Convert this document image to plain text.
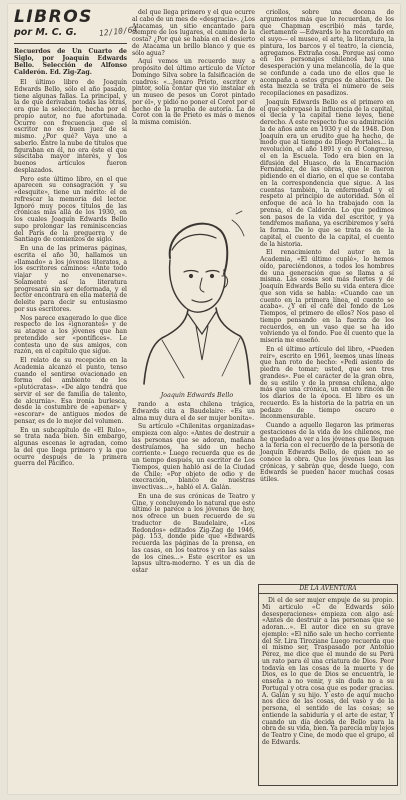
LIBROS
por M. C. G.	12/10/64
Recuerdos de Un Cuarto de Siglo, por Joaquín Edwards Bello. Selección de Alfonso Calderón. Ed. Zig-Zag.

El último libro de Joaquín Edwards Bello, sólo el año pasado, tiene algunas fallas. La principal, y la de que derivaban todas las otras, era que la selección, hecha por el propio autor, no fue afortunada. Ocurre con frecuencia que el escritor no es buen juez de sí mismo. ¿Por qué? Vaya uno a saberlo. Entre la nube de títulos que figuraban en él, no era éste el que suscitaba mayor interés, y los buenos artículos fueron desplazados.

Pero este último libro, en el que aparecen su consagración y su «desquite», tiene un mérito: el de refrescar la memoria del lector. Ignoró muy pocos títulos de las crónicas más allá de los 1930, en los cuales Joaquín Edwards Bello supo prolongar las reminiscencias del París de la preguerra y de Santiago de comienzos de siglo.

En una de las primeras páginas, escrita el año 30, hallamos un «llamado» a los jóvenes literatos, a los escritores caminos: «Ante todo viajar y no envenenarse». Solamente así la literatura progresará sin ser deformada, y el lector encontrará en ella materia de deleite para decir su entusiasmo por sus escritores.

Nos parece exagerado lo que dice respecto de los «ignorantes» y de su ataque a los jóvenes que han pretendido ser «pontífices». Le contesta uno de sus amigos, con razón, en el capítulo que sigue.

El relato de su recepción en la Academia alcanzó el punto, tenso cuando el sentirse ovacionado en forma del ambiente de los «plutócratas». «De algo tendrá que servir el ser de familia de talento, de alcurnia». Esa ironía burlesca, desde la costumbre de «apenar» y «escorar» de antiguos modos de pensar, es de lo mejor del volumen.

En un subcapítulo de «El Rulo», se trata nada bien. Sin embargo, algunas escenas le agradan, como la del que llega primero y la que ocurre después de la primera guerra del Pacífico.

del que llega primero y el que ocurre al cabo de un mes de «desgracia». ¿Los Atacamas, un sitio encantado para siempre de los lugares, el camino de la costa? ¿Por qué se había en el desierto de Atacama un brillo blanco y que es sólo agua?

Aquí vemos un recuerdo muy a propósito del último artículo de Víctor Domingo Silva sobre la falsificación de cuadros: «...Jenaro Prieto, escritor y pintor, solía contar que vio instalar en un museo de pesos un Corot pintado por él», y pidió no poner el Corot por el hecho de la prueba de autoría. La de Corot con la de Prieto es más o menos la misma comisión.

Joaquín Edwards Bello

rando a esta chilena trágica, Edwards cita a Baudelaire: «Es un alma muy dura el de ser mujer bonita».

Su artículo «Chilenitas organizadas» empieza con algo: «Antes de destruir a las personas que se adoran, mañana destruíamos, ha sido un hecho corriente.» Luego recuerda que es de un tiempo después, un escritor de Los Tiempos, quien habló así de la Ciudad de Chile: «Por objeto de odio y de execración, blanco de nuestras invectivas...», habló el A. Galán.

En una de sus crónicas de Teatro y Cine, y concluyendo lo natural que esto último le parece a los jóvenes de hoy, nos ofrece un buen recuerdo de su traductor de Baudelaire, «Los Redondos» editados Zig-Zag de 1946, pág. 153, donde pide que «Edwards recuerda las páginas de la prensa, en las casas, en los teatros y en las salas de los cines...» Este escritor es un lapsus ultra-moderno. Y es un día de estar

criollos, sobre una docena de argumentos más que lo recuerdan, de los que Chapman escribió más tarde, ciertamente —Edwards lo ha recordado en el suyo— el museo, el arte, la literatura, la pintura, los barcos y el teatro, la ciencia, agregamos. Extraña cosa. Porque así como en los personajes chilenos hay una desesperación y una melancolía, de la que se confunde a cada uno de ellos que le acompaña a estos grupos de abiertos. De esta mezcla se trata el número de seis recopilaciones en pasadizos.

Joaquín Edwards Bello es el primero en el que sobrepasó la influencia de la capital, el decía y la capital tiene leyes, tiene derecho. A este respecto fue su admiración la de años ante en 1930 y el de 1948. Don Joaquín era un erudito que ha hecho, de modo que al tiempo de Diego Portales... la revolución, el año 1891 y en el Congreso, el en la Escuela. Todo era bien en la difusión del Huasco, de la Encarnación Fernández, de las obras, que le fueron pidiendo en el diario, en el que se contaba en la correspondencia que sigue. A las cuentas también, la enfermedad y el respeto al principio de autoridad. Son el enfoque de acá lo ha trabajado con la prensa, el de Calderón. Lo que pedimos son pasos de la vida del escritor, y ya tendremos mañana, ya escribiremos y será la forma. De lo que se trata es de la capital, el cuento de la capital, el cuento de la historia.

El renacimiento del autor en la Academia, «El último cuplé», lo hemos oído, pareciéndonos, a todos los hombres de una generación que se llama a sí misma. Las cosas son más fuertes y de Joaquín Edwards Bello su vida entera dice que son vida se habla: «Cuando cae un cuento en la primera línea, el cuento se acaba». ¿Y en el café del fondo de Los Tiempos, el primero de ellos? Nos paso el tiempo pensando en la fuerza de los recuerdos, en un vaso que se ha ido volviendo ya el fondo. Fue el cuento que la miseria me enseñó.

En el último artículo del libro, «Pueden reír», escrito en 1961, leemos unas líneas que han roto de hecho: «Pedí asiento de piedra de tomar; usted, que son tres grandes». Fue el carácter de la gran obra, de su estilo y de la prensa chilena, algo más que una crónica, un entero rincón de los diarios de la época. El libro es un recuerdo. Es la historia de la patria en un pedazo de tiempo oscuro e inconmensurable.

Cuando a aquello llegaron las primeras gestaciones de la vida de los chilenos, me he quedado a ver a los jóvenes que lleguen a la feria con el recuerdo de la persona de Joaquín Edwards Bello, de quien no se conoce la obra. Que los jóvenes lean las crónicas, y sabrán que, desde luego, con Edwards se pueden hacer muchas cosas útiles.

DE LA AVENTURA

Di el de ser mujer empuje de su propio. Mi artículo «C de Edwards sólo desesperaciones» empieza con algo así: «Antes de destruir a las personas que se adoran...». El autor dice en su grave ejemplo: «El niño sale un hecho corriente del Sr. Lira Tiroziane Luego recuerda que el mismo ser, Traspasado por Antonio Pérez, me dice que el mundo de su Perú un rato para él una criatura de Dios. Peor todavía en las cosas de la muerte y de Dios, es lo que de Dios se encuentra, le enseña a no venir, y sin duda no a su Portugal y otra cosa que es poder gracias. A. Galán y su hijo. Y esto de aquí mucho nos dice de las cosas, del vaso y de la persona, el sentido de las cosas; se entiende la sabiduría y el arte de estar, Y cuando un día decida de Bello para la obra de su vida, bien. Ya parecía muy lejos de Teatro y Cine, de modo que el grupo, el de Edwards.
